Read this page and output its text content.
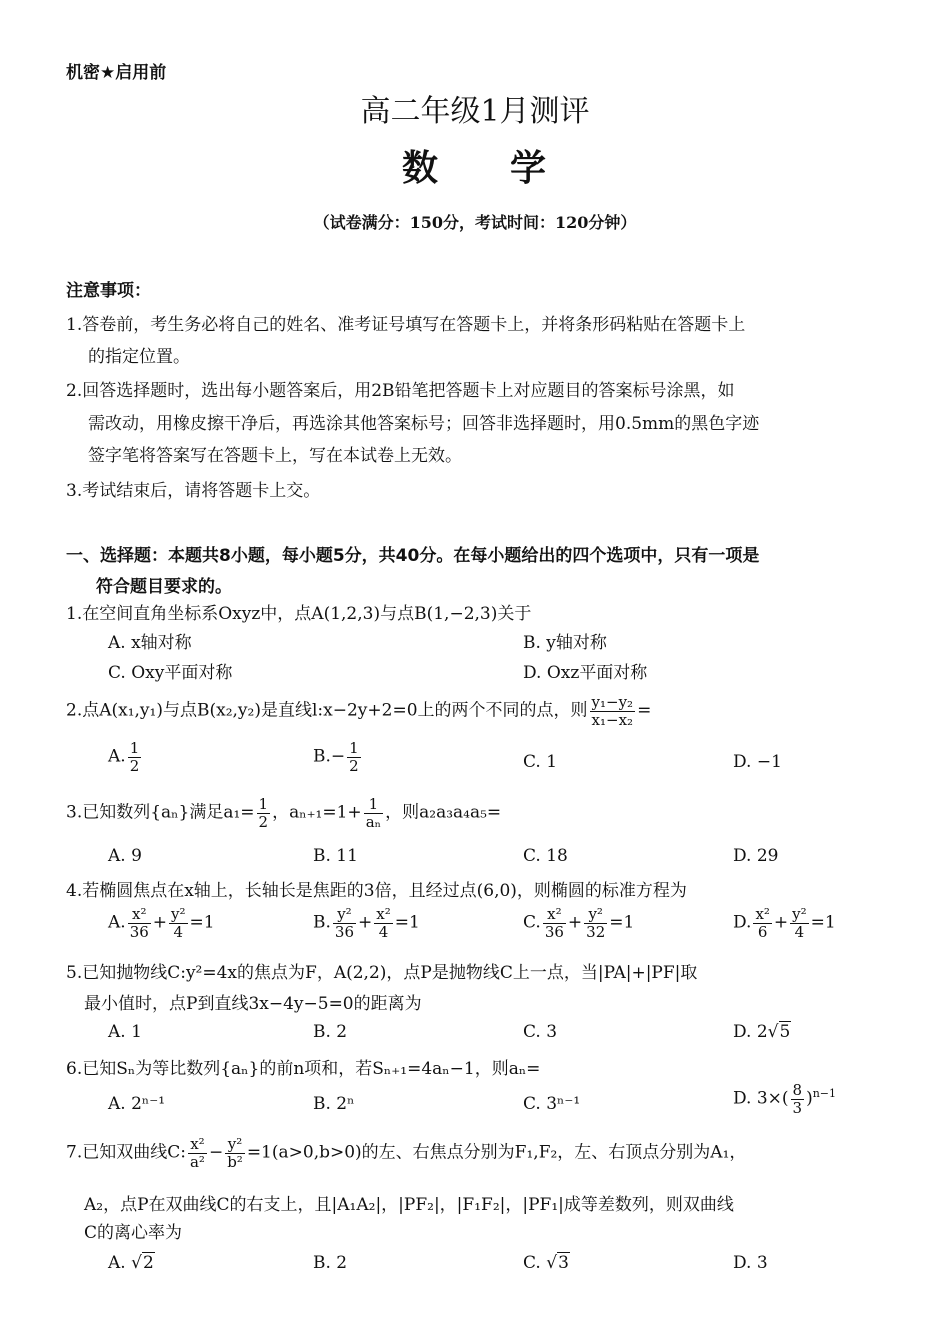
机密★启用前
高二年级1月测评
数 学
（试卷满分：150分，考试时间：120分钟）
注意事项：
1.答卷前，考生务必将自己的姓名、准考证号填写在答题卡上，并将条形码粘贴在答题卡上
的指定位置。
2.回答选择题时，选出每小题答案后，用2B铅笔把答题卡上对应题目的答案标号涂黑，如
需改动，用橡皮擦干净后，再选涂其他答案标号；回答非选择题时，用0.5mm的黑色字迹
签字笔将答案写在答题卡上，写在本试卷上无效。
3.考试结束后，请将答题卡上交。
一、选择题：本题共8小题，每小题5分，共40分。在每小题给出的四个选项中，只有一项是
符合题目要求的。
1.在空间直角坐标系Oxyz中，点A(1,2,3)与点B(1,−2,3)关于
A. x轴对称	B. y轴对称
C. Oxy平面对称	D. Oxz平面对称
2.点A(x₁,y₁)与点B(x₂,y₂)是直线l:x−2y+2=0上的两个不同的点，则 $\frac{\text{y₁−y₂}}{\text{x₁−x₂}}$ =
A. $\frac{1}{2}$	$B.- \frac{1}{2}$	C. 1	D. −1
3.已知数列{aₙ}满足$a_1= \frac{1}{2}$ ，$a_{n+1}=1+ \frac{1}{\text{aₙ}}$ ，则a₂a₃a₄a₅=
A. 9	B. 11	C. 18	D. 29
4.若椭圆焦点在x轴上，长轴长是焦距的3倍，且经过点(6,0)，则椭圆的标准方程为
A. $\frac{\text{x²}}{36} + \frac{\text{y²}}{4} =1$	B. $\frac{\text{y²}}{36} + \frac{\text{x²}}{4} =1$	C. $\frac{\text{x²}}{36} + \frac{\text{y²}}{32} =1$	D. $\frac{\text{x²}}{6} + \frac{\text{y²}}{4} =1$
5.已知抛物线C:y²=4x的焦点为F，A(2,2)，点P是抛物线C上一点，当|PA|+|PF|取
最小值时，点P到直线3x−4y−5=0的距离为
A. 1	B. 2	C. 3	D. 2√5
6.已知Sₙ为等比数列{aₙ}的前n项和，若Sₙ₊₁=4aₙ−1，则aₙ=
A. 2ⁿ⁻¹	B. 2ⁿ	C. 3ⁿ⁻¹	D. $3\times( \frac{8}{3} )^{n-1}$
7.已知双曲线C: $\frac{\text{x²}}{\text{a²}} - \frac{\text{y²}}{\text{b²}} =1(a>0,b>0)$的左、右焦点分别为F₁,F₂，左、右顶点分别为A₁，
A₂，点P在双曲线C的右支上，且|A₁A₂|，|PF₂|，|F₁F₂|，|PF₁|成等差数列，则双曲线
C的离心率为
A. √2	B. 2	C. √3	D. 3
